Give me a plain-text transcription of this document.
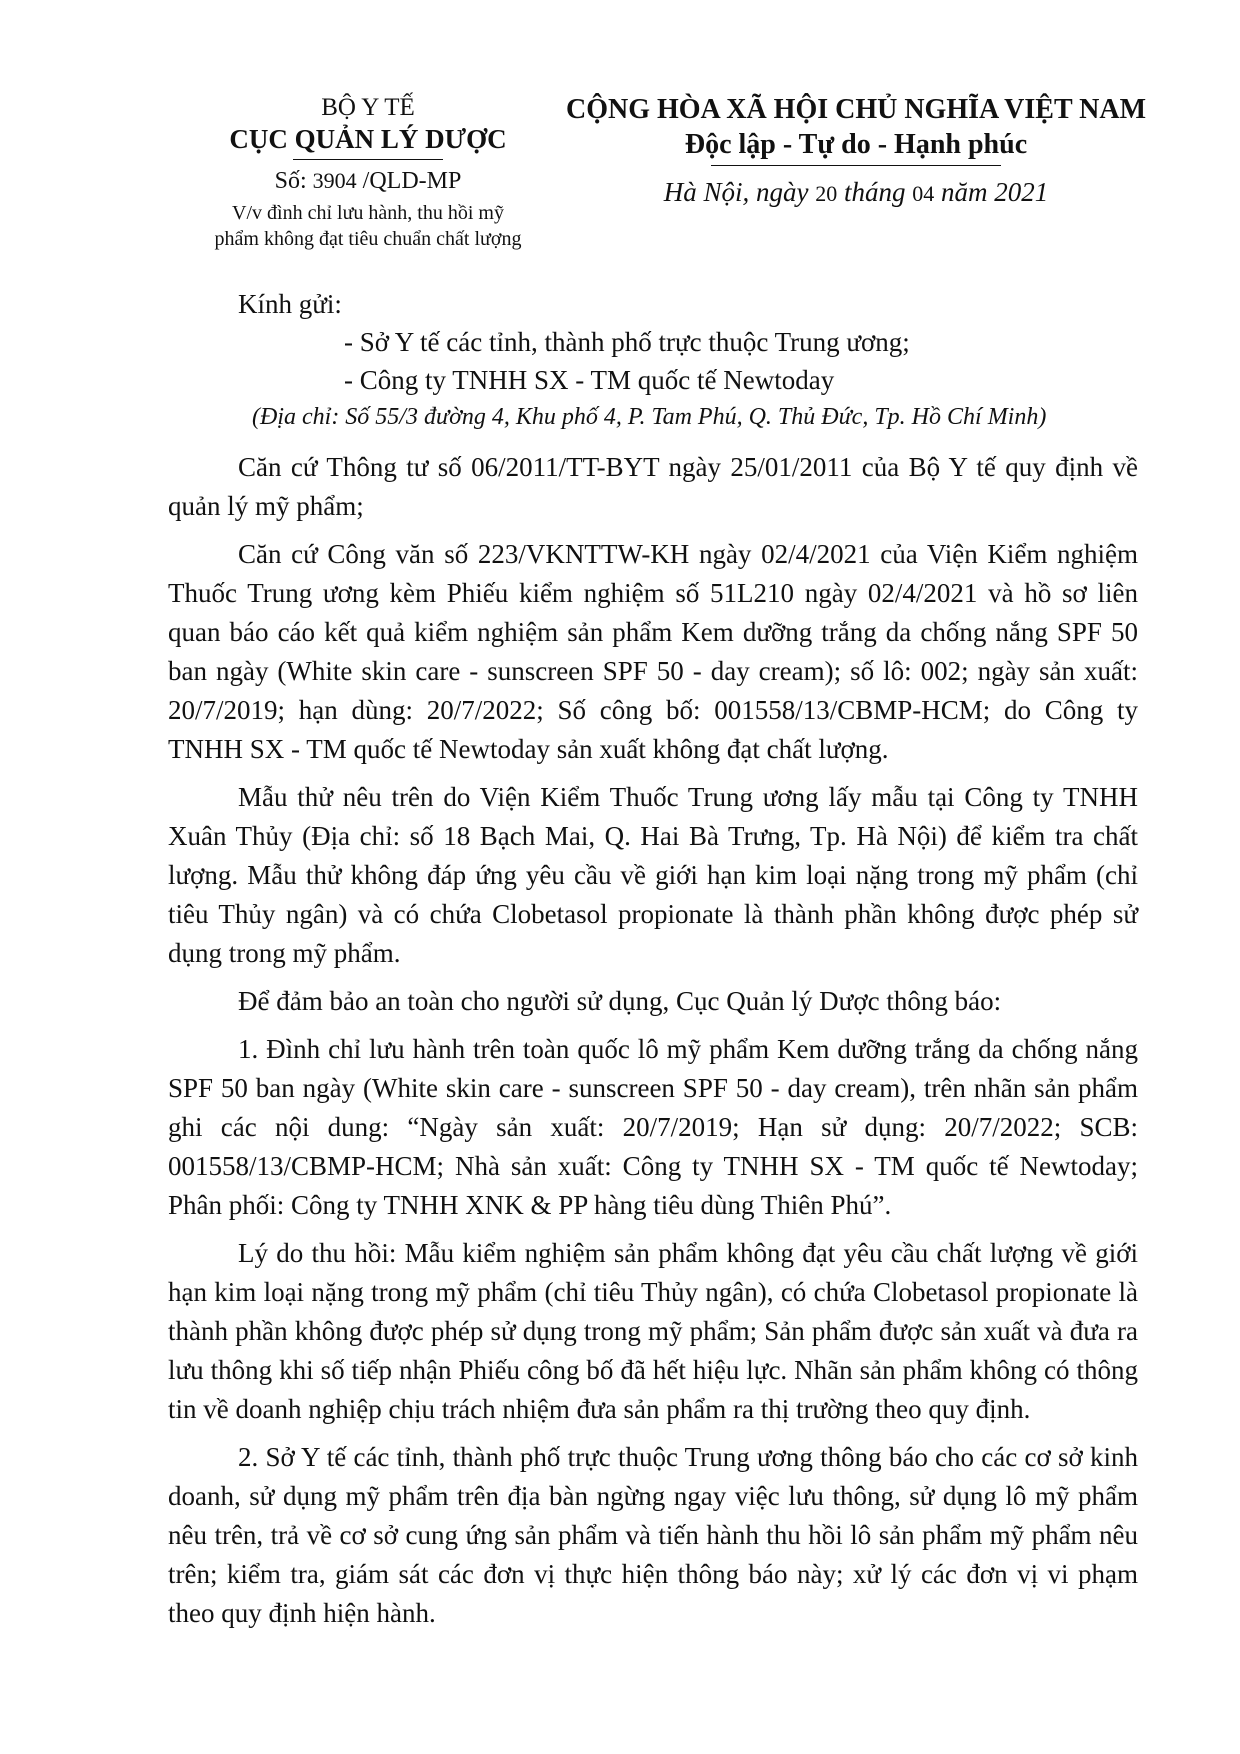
BỘ Y TẾ
CỤC QUẢN LÝ DƯỢC
Số: 3904 /QLD-MP
V/v đình chỉ lưu hành, thu hồi mỹ
phẩm không đạt tiêu chuẩn chất lượng
CỘNG HÒA XÃ HỘI CHỦ NGHĨA VIỆT NAM
Độc lập - Tự do - Hạnh phúc
Hà Nội, ngày 20 tháng 04 năm 2021
Kính gửi:
- Sở Y tế các tỉnh, thành phố trực thuộc Trung ương;
- Công ty TNHH SX - TM quốc tế Newtoday
(Địa chỉ: Số 55/3 đường 4, Khu phố 4, P. Tam Phú, Q. Thủ Đức, Tp. Hồ Chí Minh)

Căn cứ Thông tư số 06/2011/TT-BYT ngày 25/01/2011 của Bộ Y tế quy định về quản lý mỹ phẩm;

Căn cứ Công văn số 223/VKNTTW-KH ngày 02/4/2021 của Viện Kiểm nghiệm Thuốc Trung ương kèm Phiếu kiểm nghiệm số 51L210 ngày 02/4/2021 và hồ sơ liên quan báo cáo kết quả kiểm nghiệm sản phẩm Kem dưỡng trắng da chống nắng SPF 50 ban ngày (White skin care - sunscreen SPF 50 - day cream); số lô: 002; ngày sản xuất: 20/7/2019; hạn dùng: 20/7/2022; Số công bố: 001558/13/CBMP-HCM; do Công ty TNHH SX - TM quốc tế Newtoday sản xuất không đạt chất lượng.

Mẫu thử nêu trên do Viện Kiểm Thuốc Trung ương lấy mẫu tại Công ty TNHH Xuân Thủy (Địa chỉ: số 18 Bạch Mai, Q. Hai Bà Trưng, Tp. Hà Nội) để kiểm tra chất lượng. Mẫu thử không đáp ứng yêu cầu về giới hạn kim loại nặng trong mỹ phẩm (chỉ tiêu Thủy ngân) và có chứa Clobetasol propionate là thành phần không được phép sử dụng trong mỹ phẩm.

Để đảm bảo an toàn cho người sử dụng, Cục Quản lý Dược thông báo:

1. Đình chỉ lưu hành trên toàn quốc lô mỹ phẩm Kem dưỡng trắng da chống nắng SPF 50 ban ngày (White skin care - sunscreen SPF 50 - day cream), trên nhãn sản phẩm ghi các nội dung: “Ngày sản xuất: 20/7/2019; Hạn sử dụng: 20/7/2022; SCB: 001558/13/CBMP-HCM; Nhà sản xuất: Công ty TNHH SX - TM quốc tế Newtoday; Phân phối: Công ty TNHH XNK & PP hàng tiêu dùng Thiên Phú”.

Lý do thu hồi: Mẫu kiểm nghiệm sản phẩm không đạt yêu cầu chất lượng về giới hạn kim loại nặng trong mỹ phẩm (chỉ tiêu Thủy ngân), có chứa Clobetasol propionate là thành phần không được phép sử dụng trong mỹ phẩm; Sản phẩm được sản xuất và đưa ra lưu thông khi số tiếp nhận Phiếu công bố đã hết hiệu lực. Nhãn sản phẩm không có thông tin về doanh nghiệp chịu trách nhiệm đưa sản phẩm ra thị trường theo quy định.

2. Sở Y tế các tỉnh, thành phố trực thuộc Trung ương thông báo cho các cơ sở kinh doanh, sử dụng mỹ phẩm trên địa bàn ngừng ngay việc lưu thông, sử dụng lô mỹ phẩm nêu trên, trả về cơ sở cung ứng sản phẩm và tiến hành thu hồi lô sản phẩm mỹ phẩm nêu trên; kiểm tra, giám sát các đơn vị thực hiện thông báo này; xử lý các đơn vị vi phạm theo quy định hiện hành.
